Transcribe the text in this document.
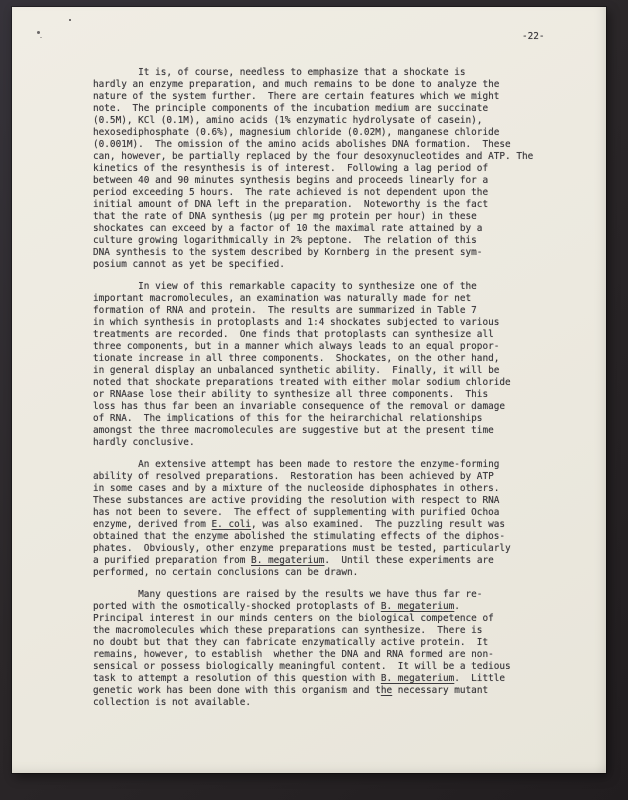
-22-
It is, of course, needless to emphasize that a shockate is
hardly an enzyme preparation, and much remains to be done to analyze the
nature of the system further.  There are certain features which we might
note.  The principle components of the incubation medium are succinate
(0.5M), KCl (0.1M), amino acids (1% enzymatic hydrolysate of casein),
hexosediphosphate (0.6%), magnesium chloride (0.02M), manganese chloride
(0.001M).  The omission of the amino acids abolishes DNA formation.  These
can, however, be partially replaced by the four desoxynucleotides and ATP. The
kinetics of the resynthesis is of interest.  Following a lag period of
between 40 and 90 minutes synthesis begins and proceeds linearly for a
period exceeding 5 hours.  The rate achieved is not dependent upon the
initial amount of DNA left in the preparation.  Noteworthy is the fact
that the rate of DNA synthesis (μg per mg protein per hour) in these
shockates can exceed by a factor of 10 the maximal rate attained by a
culture growing logarithmically in 2% peptone.  The relation of this
DNA synthesis to the system described by Kornberg in the present sym-
posium cannot as yet be specified.
In view of this remarkable capacity to synthesize one of the
important macromolecules, an examination was naturally made for net
formation of RNA and protein.  The results are summarized in Table 7
in which synthesis in protoplasts and 1:4 shockates subjected to various
treatments are recorded.  One finds that protoplasts can synthesize all
three components, but in a manner which always leads to an equal propor-
tionate increase in all three components.  Shockates, on the other hand,
in general display an unbalanced synthetic ability.  Finally, it will be
noted that shockate preparations treated with either molar sodium chloride
or RNAase lose their ability to synthesize all three components.  This
loss has thus far been an invariable consequence of the removal or damage
of RNA.  The implications of this for the heirarchichal relationships
amongst the three macromolecules are suggestive but at the present time
hardly conclusive.
An extensive attempt has been made to restore the enzyme-forming
ability of resolved preparations.  Restoration has been achieved by ATP
in some cases and by a mixture of the nucleoside diphosphates in others.
These substances are active providing the resolution with respect to RNA
has not been to severe.  The effect of supplementing with purified Ochoa
enzyme, derived from E. coli, was also examined.  The puzzling result was
obtained that the enzyme abolished the stimulating effects of the diphos-
phates.  Obviously, other enzyme preparations must be tested, particularly
a purified preparation from B. megaterium.  Until these experiments are
performed, no certain conclusions can be drawn.
Many questions are raised by the results we have thus far re-
ported with the osmotically-shocked protoplasts of B. megaterium.
Principal interest in our minds centers on the biological competence of
the macromolecules which these preparations can synthesize.  There is
no doubt but that they can fabricate enzymatically active protein.  It
remains, however, to establish  whether the DNA and RNA formed are non-
sensical or possess biologically meaningful content.  It will be a tedious
task to attempt a resolution of this question with B. megaterium.  Little
genetic work has been done with this organism and the necessary mutant
collection is not available.
